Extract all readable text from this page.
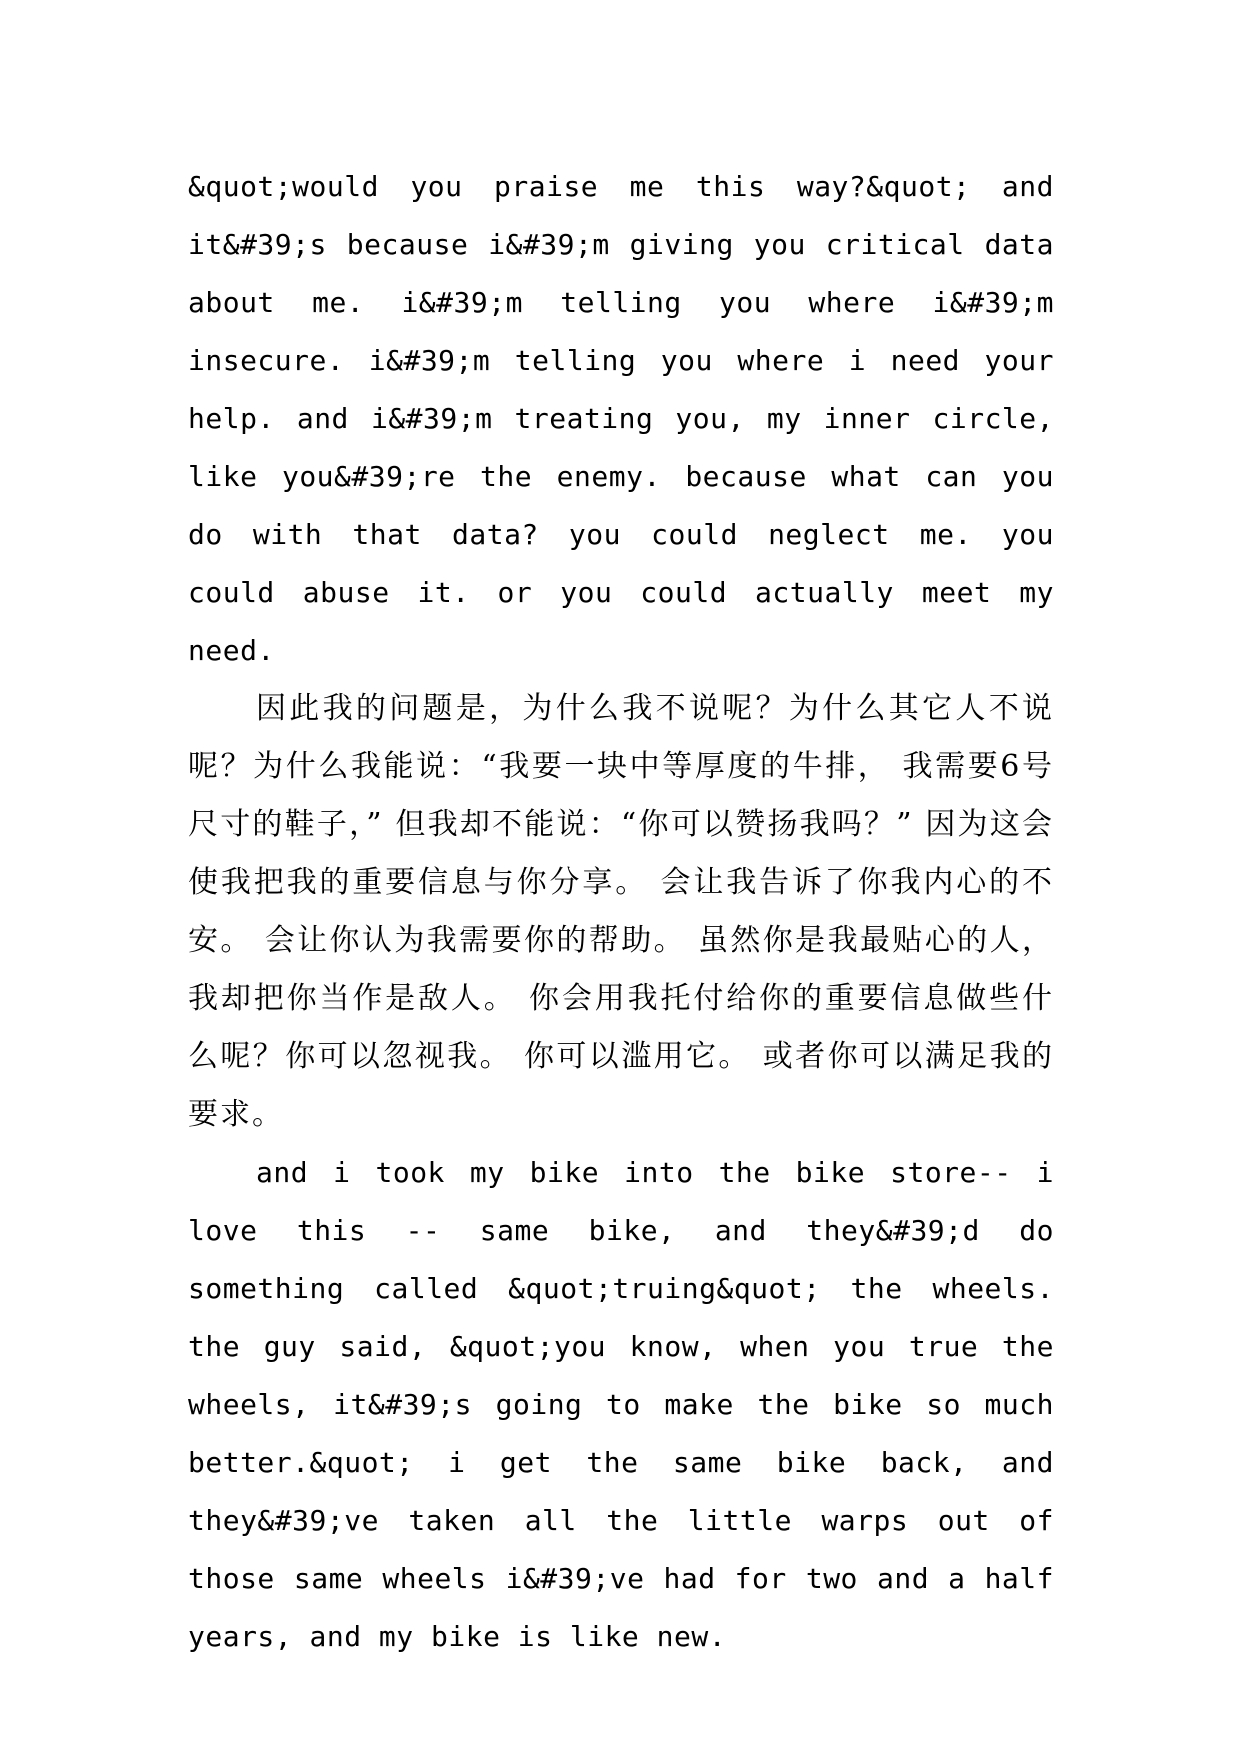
&quot;would you praise me this way?&quot; and it&#39;s because i&#39;m giving you critical data about me. i&#39;m telling you where i&#39;m insecure. i&#39;m telling you where i need your help. and i&#39;m treating you, my inner circle, like you&#39;re the enemy. because what can you do with that data? you could neglect me. you could abuse it. or you could actually meet my need.

因此我的问题是，为什么我不说呢？为什么其它人不说呢？为什么我能说：“我要一块中等厚度的牛排， 我需要6号尺寸的鞋子，” 但我却不能说：“你可以赞扬我吗？” 因为这会使我把我的重要信息与你分享。 会让我告诉了你我内心的不安。 会让你认为我需要你的帮助。 虽然你是我最贴心的人， 我却把你当作是敌人。 你会用我托付给你的重要信息做些什么呢？你可以忽视我。 你可以滥用它。 或者你可以满足我的要求。

and i took my bike into the bike store-- i love this -- same bike, and they&#39;d do something called &quot;truing&quot; the wheels. the guy said, &quot;you know, when you true the wheels, it&#39;s going to make the bike so much better.&quot; i get the same bike back, and they&#39;ve taken all the little warps out of those same wheels i&#39;ve had for two and a half years, and my bike is like new.
